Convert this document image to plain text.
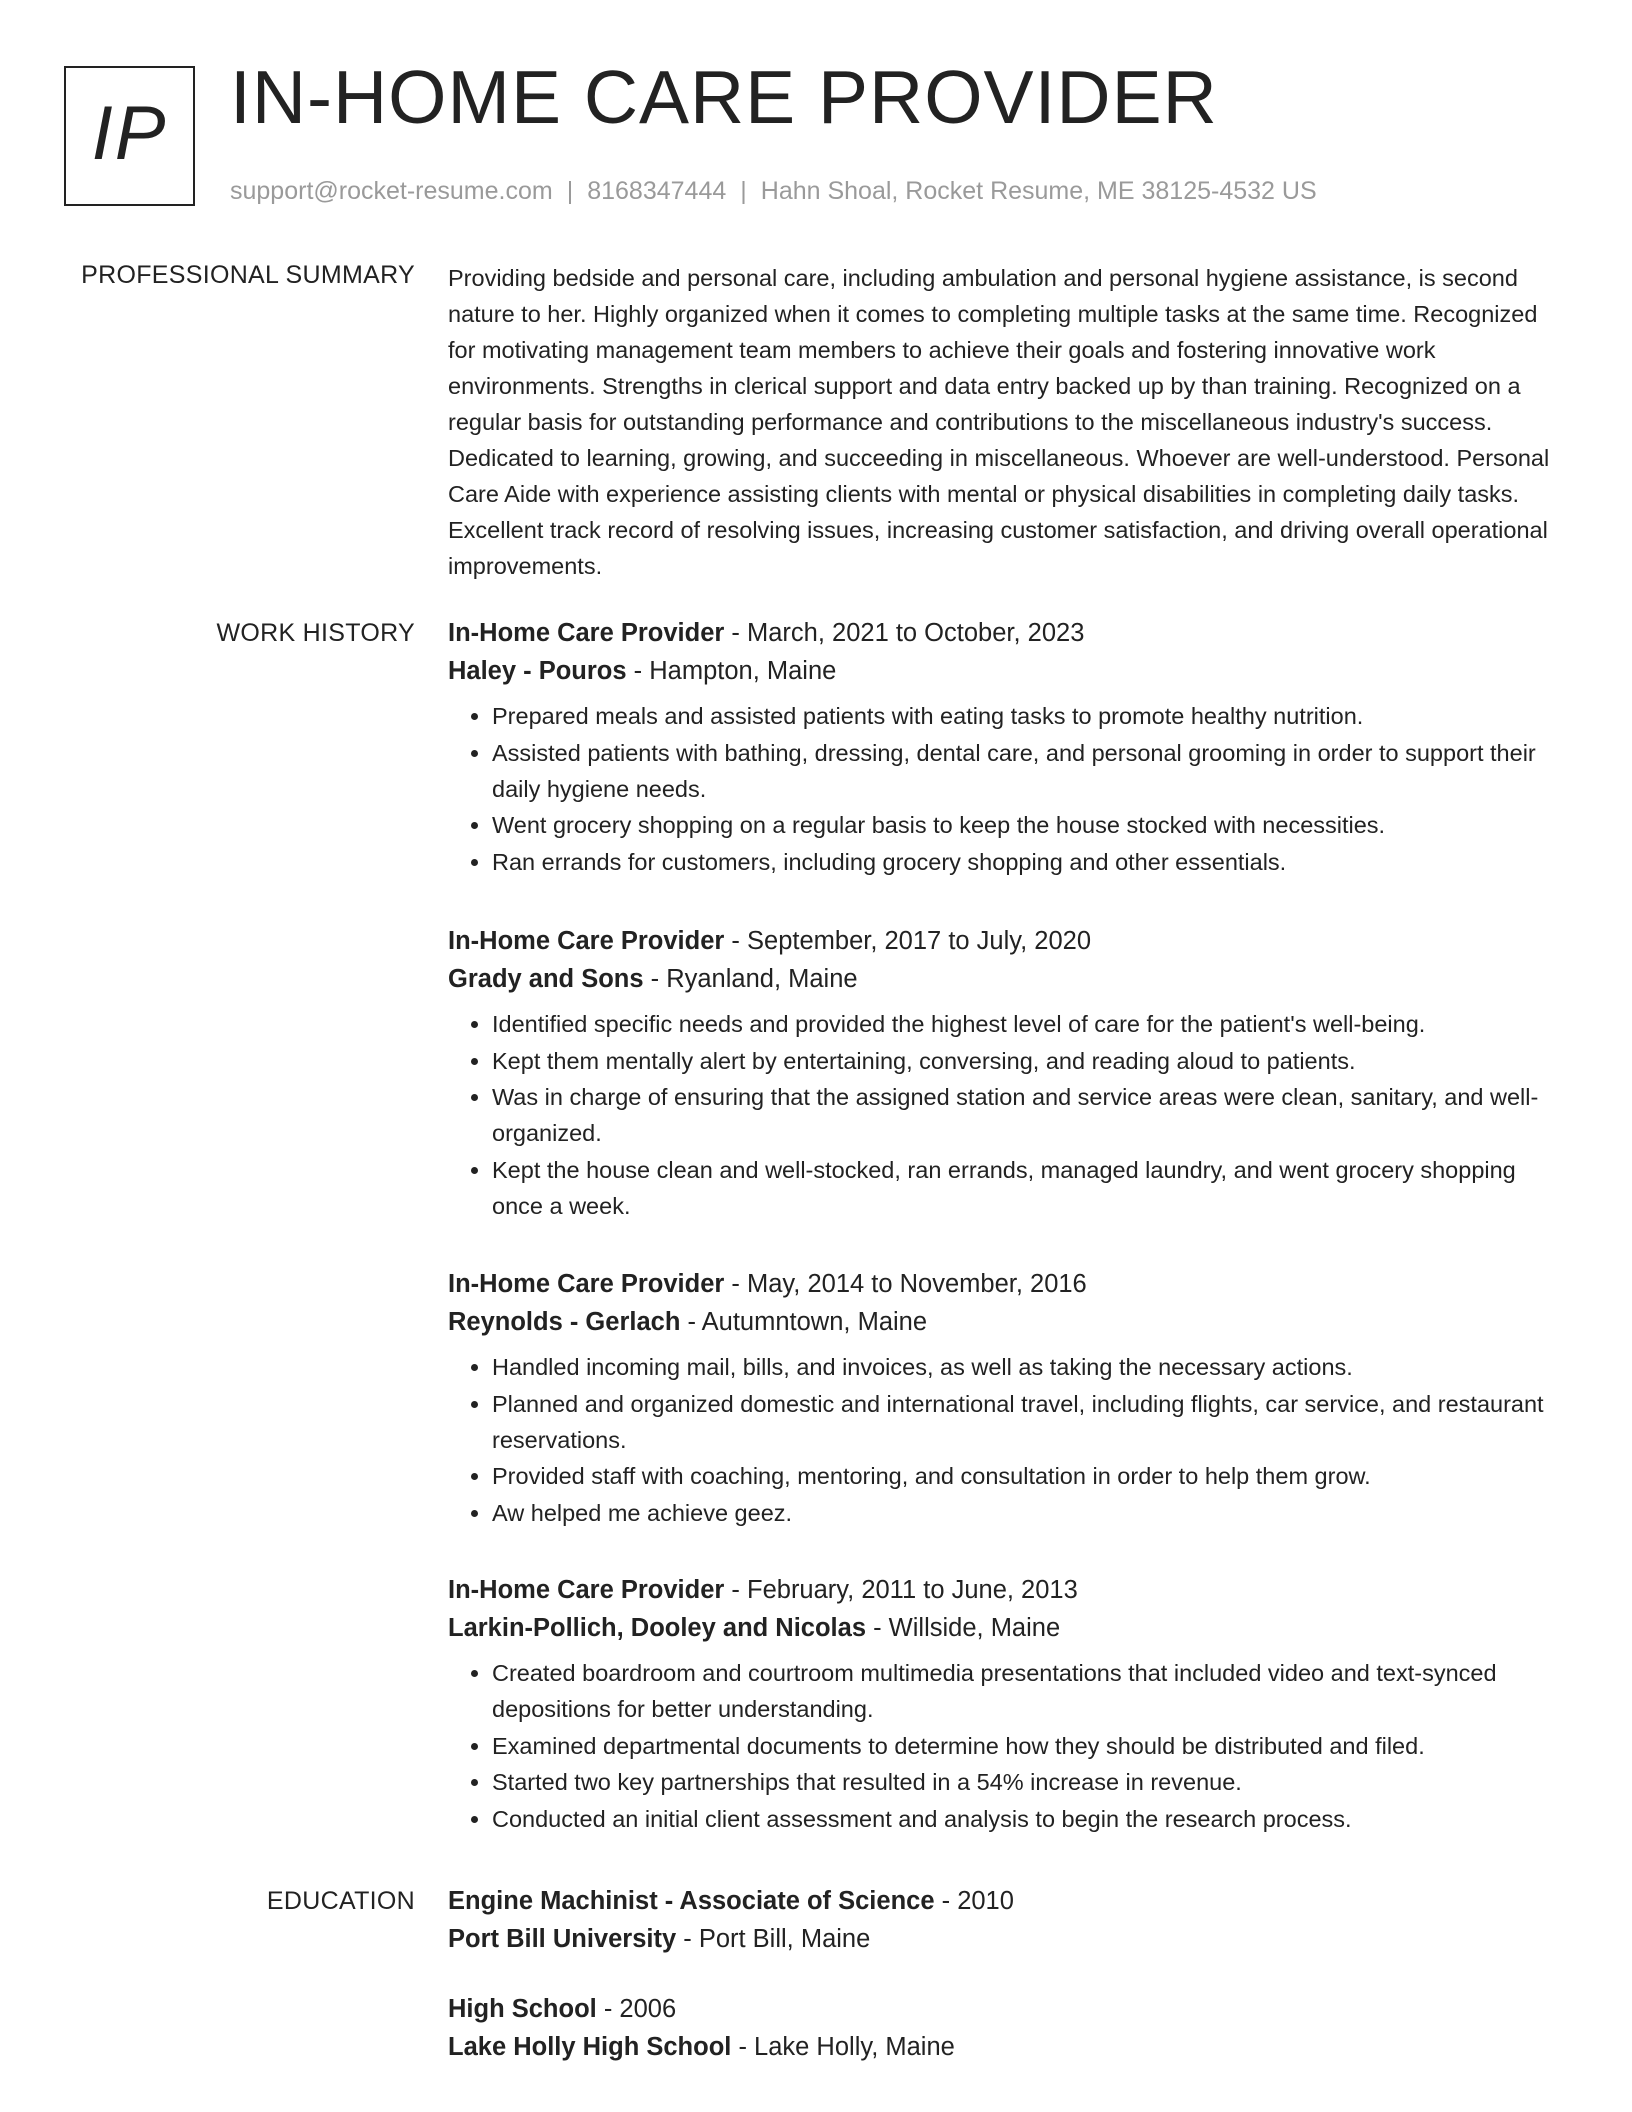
IP IN-HOME CARE PROVIDER
support@rocket-resume.com | 8168347444 | Hahn Shoal, Rocket Resume, ME 38125-4532 US
PROFESSIONAL SUMMARY Providing bedside and personal care, including ambulation and personal hygiene assistance, is second nature to her. Highly organized when it comes to completing multiple tasks at the same time. Recognized for motivating management team members to achieve their goals and fostering innovative work environments. Strengths in clerical support and data entry backed up by than training. Recognized on a regular basis for outstanding performance and contributions to the miscellaneous industry's success. Dedicated to learning, growing, and succeeding in miscellaneous. Whoever are well-understood. Personal Care Aide with experience assisting clients with mental or physical disabilities in completing daily tasks. Excellent track record of resolving issues, increasing customer satisfaction, and driving overall operational improvements.

WORK HISTORY In-Home Care Provider - March, 2021 to October, 2023

Haley - Pouros - Hampton, Maine

• Prepared meals and assisted patients with eating tasks to promote healthy nutrition.
• Assisted patients with bathing, dressing, dental care, and personal grooming in order to support their daily hygiene needs.
• Went grocery shopping on a regular basis to keep the house stocked with necessities.
• Ran errands for customers, including grocery shopping and other essentials.

In-Home Care Provider - September, 2017 to July, 2020

Grady and Sons - Ryanland, Maine

• Identified specific needs and provided the highest level of care for the patient's well-being.
• Kept them mentally alert by entertaining, conversing, and reading aloud to patients.
• Was in charge of ensuring that the assigned station and service areas were clean, sanitary, and well-organized.
• Kept the house clean and well-stocked, ran errands, managed laundry, and went grocery shopping once a week.

In-Home Care Provider - May, 2014 to November, 2016

Reynolds - Gerlach - Autumntown, Maine

• Handled incoming mail, bills, and invoices, as well as taking the necessary actions.
• Planned and organized domestic and international travel, including flights, car service, and restaurant reservations.
• Provided staff with coaching, mentoring, and consultation in order to help them grow.
• Aw helped me achieve geez.

In-Home Care Provider - February, 2011 to June, 2013

Larkin-Pollich, Dooley and Nicolas - Willside, Maine

• Created boardroom and courtroom multimedia presentations that included video and text-synced depositions for better understanding.
• Examined departmental documents to determine how they should be distributed and filed.
• Started two key partnerships that resulted in a 54% increase in revenue.
• Conducted an initial client assessment and analysis to begin the research process.
EDUCATION Engine Machinist - Associate of Science - 2010

Port Bill University - Port Bill, Maine

High School - 2006

Lake Holly High School - Lake Holly, Maine
